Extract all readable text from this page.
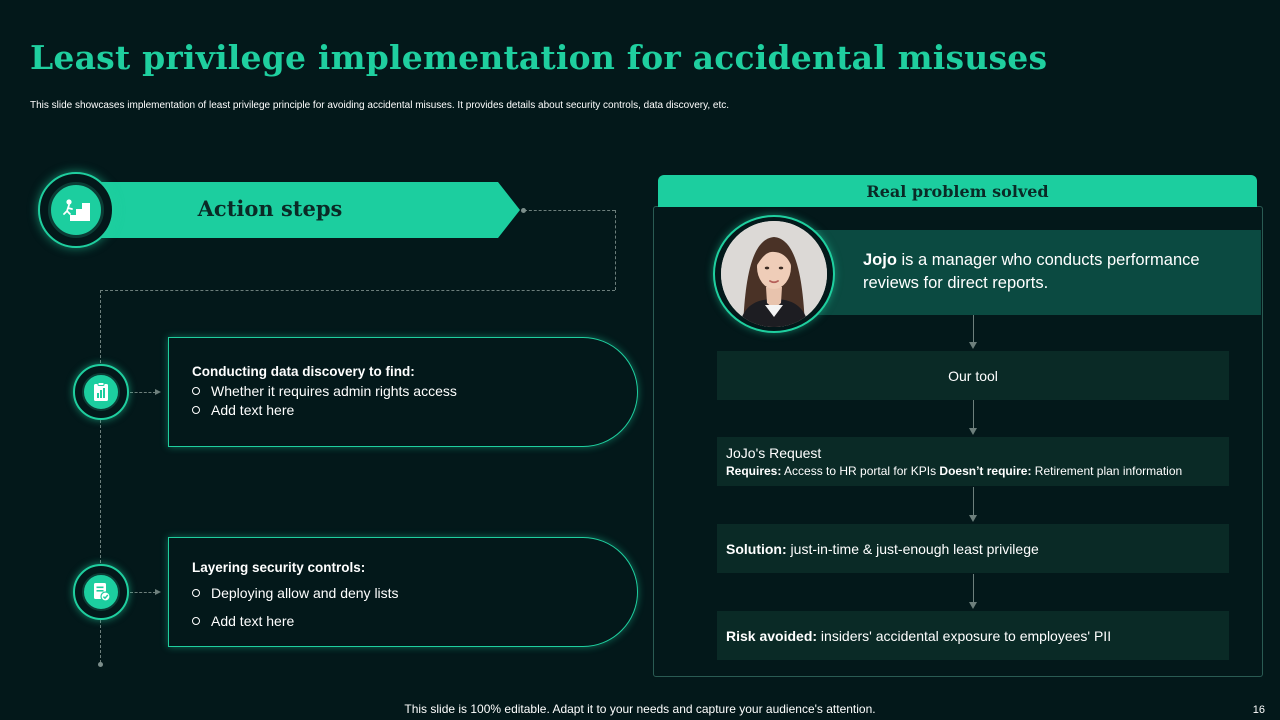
Least privilege implementation for accidental misuses
This slide showcases implementation of least privilege principle for avoiding accidental misuses. It provides details about security controls, data discovery, etc.
Action steps
Conducting data discovery to find:
Whether it requires admin rights access
Add text here
Layering security controls:
Deploying allow and deny lists
Add text here
Real problem solved
Jojo is a manager who conducts performance reviews for direct reports.
Our tool
JoJo's Request
Requires: Access to HR portal for KPIs Doesn’t require: Retirement plan information
Solution: just-in-time & just-enough least privilege
Risk avoided: insiders' accidental exposure to employees' PII
This slide is 100% editable. Adapt it to your needs and capture your audience's attention.	16
